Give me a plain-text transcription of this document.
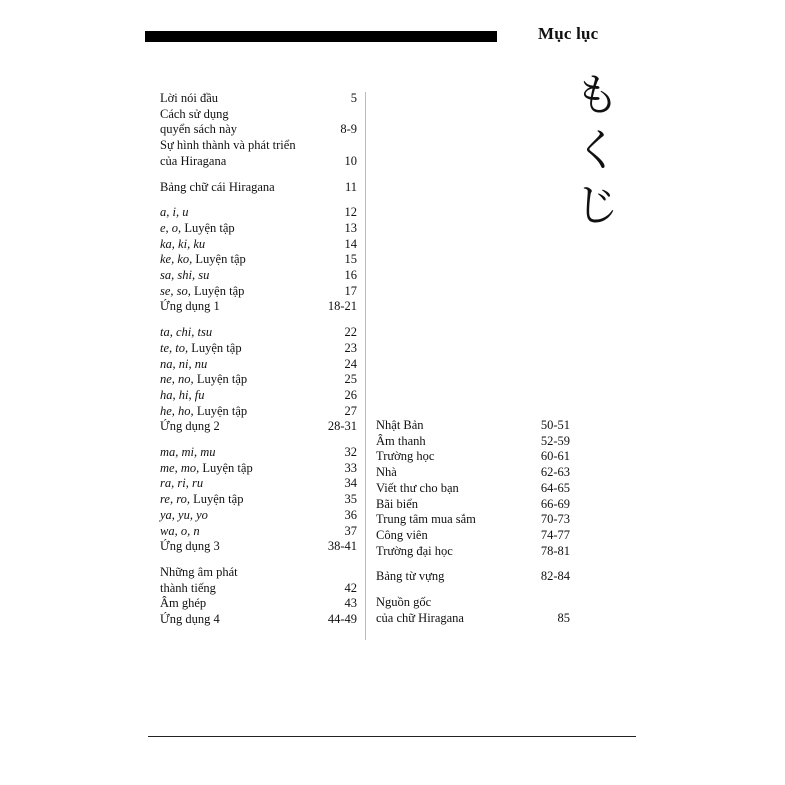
Mục lục
も
く
じ
Lời nói đầu	5
Cách sử dụng
quyển sách này	8-9
Sự hình thành và phát triển
của Hiragana	10
Bảng chữ cái Hiragana	11
a, i, u	12
e, o, Luyện tập	13
ka, ki, ku	14
ke, ko, Luyện tập	15
sa, shi, su	16
se, so, Luyện tập	17
Ứng dụng 1	18-21
ta, chi, tsu	22
te, to, Luyện tập	23
na, ni, nu	24
ne, no, Luyện tập	25
ha, hi, fu	26
he, ho, Luyện tập	27
Ứng dụng 2	28-31
ma, mi, mu	32
me, mo, Luyện tập	33
ra, ri, ru	34
re, ro, Luyện tập	35
ya, yu, yo	36
wa, o, n	37
Ứng dụng 3	38-41
Những âm phát
thành tiếng	42
Âm ghép	43
Ứng dụng 4	44-49
Nhật Bản	50-51
Âm thanh	52-59
Trường học	60-61
Nhà	62-63
Viết thư cho bạn	64-65
Bãi biển	66-69
Trung tâm mua sắm	70-73
Công viên	74-77
Trường đại học	78-81
Bảng từ vựng	82-84
Nguồn gốc
của chữ Hiragana	85
